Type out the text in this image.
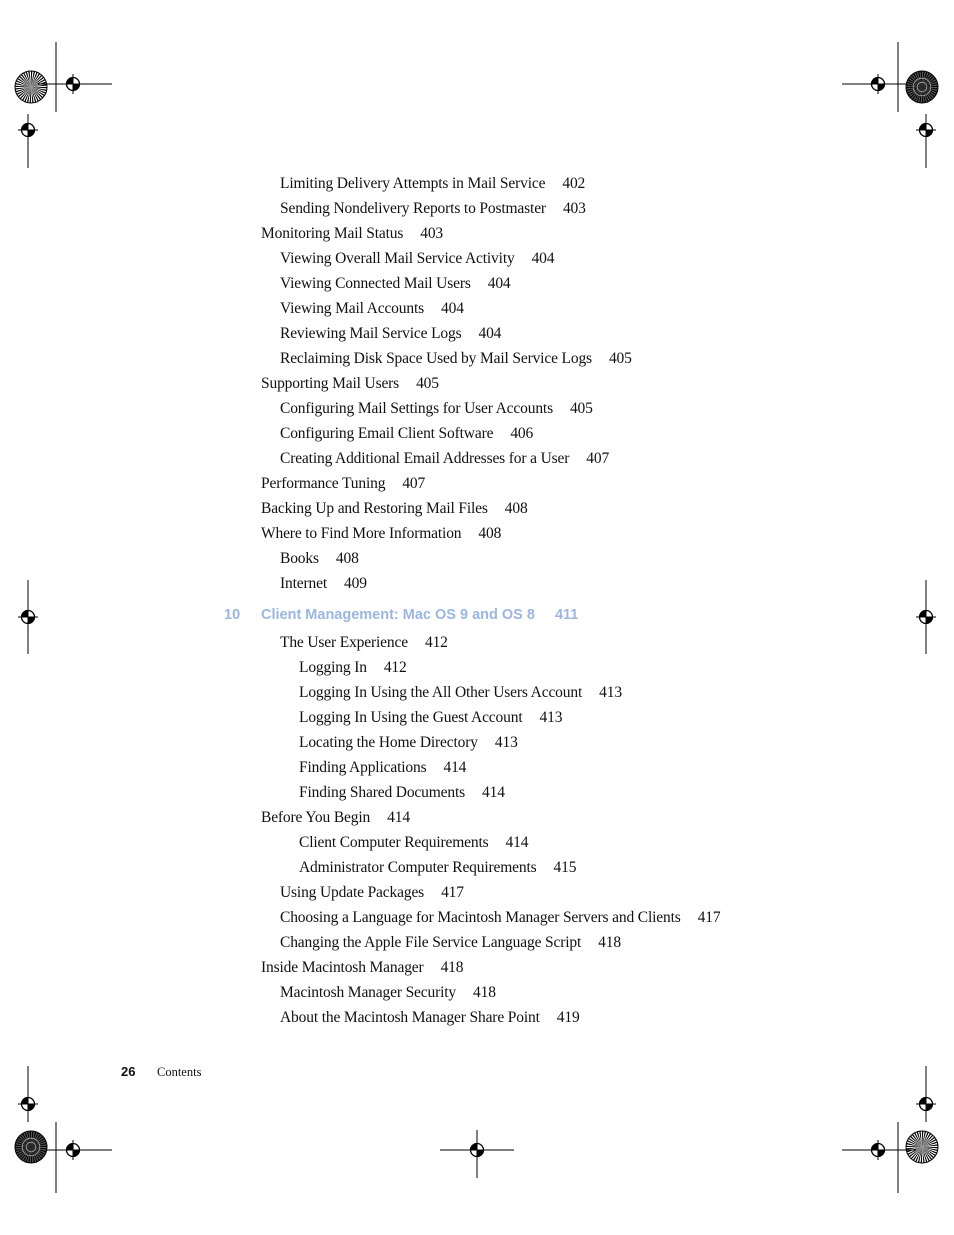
Limiting Delivery Attempts in Mail Service 402
Sending Nondelivery Reports to Postmaster 403
Monitoring Mail Status 403
Viewing Overall Mail Service Activity 404
Viewing Connected Mail Users 404
Viewing Mail Accounts 404
Reviewing Mail Service Logs 404
Reclaiming Disk Space Used by Mail Service Logs 405
Supporting Mail Users 405
Configuring Mail Settings for User Accounts 405
Configuring Email Client Software 406
Creating Additional Email Addresses for a User 407
Performance Tuning 407
Backing Up and Restoring Mail Files 408
Where to Find More Information 408
Books 408
Internet 409
10 Client Management: Mac OS 9 and OS 8 411
The User Experience 412
Logging In 412
Logging In Using the All Other Users Account 413
Logging In Using the Guest Account 413
Locating the Home Directory 413
Finding Applications 414
Finding Shared Documents 414
Before You Begin 414
Client Computer Requirements 414
Administrator Computer Requirements 415
Using Update Packages 417
Choosing a Language for Macintosh Manager Servers and Clients 417
Changing the Apple File Service Language Script 418
Inside Macintosh Manager 418
Macintosh Manager Security 418
About the Macintosh Manager Share Point 419
26 Contents
